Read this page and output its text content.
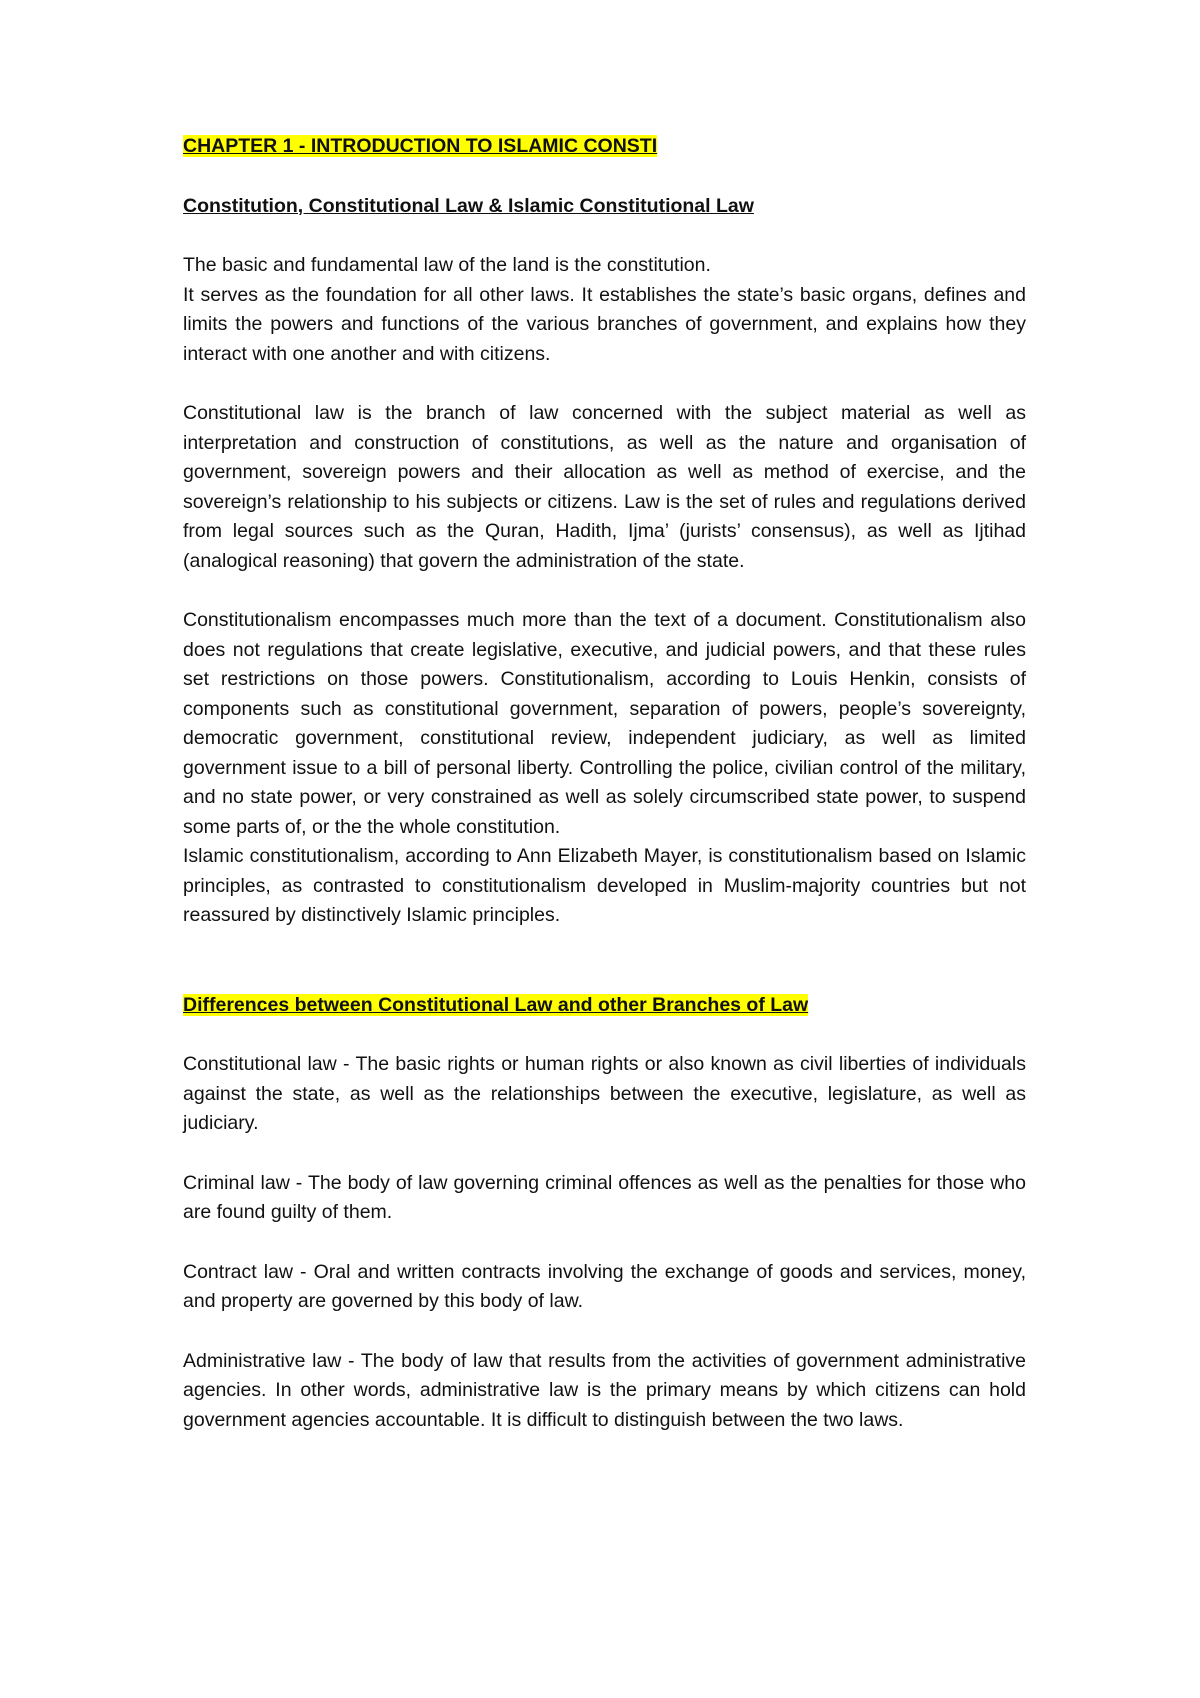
CHAPTER 1 - INTRODUCTION TO ISLAMIC CONSTI

Constitution, Constitutional Law & Islamic Constitutional Law

The basic and fundamental law of the land is the constitution.

It serves as the foundation for all other laws. It establishes the state’s basic organs, defines and limits the powers and functions of the various branches of government, and explains how they interact with one another and with citizens.

Constitutional law is the branch of law concerned with the subject material as well as interpretation and construction of constitutions, as well as the nature and organisation of government, sovereign powers and their allocation as well as method of exercise, and the sovereign’s relationship to his subjects or citizens. Law is the set of rules and regulations derived from legal sources such as the Quran, Hadith, Ijma’ (jurists’ consensus), as well as Ijtihad (analogical reasoning) that govern the administration of the state.

Constitutionalism encompasses much more than the text of a document. Constitutionalism also does not regulations that create legislative, executive, and judicial powers, and that these rules set restrictions on those powers. Constitutionalism, according to Louis Henkin, consists of components such as constitutional government, separation of powers, people’s sovereignty, democratic government, constitutional review, independent judiciary, as well as limited government issue to a bill of personal liberty. Controlling the police, civilian control of the military, and no state power, or very constrained as well as solely circumscribed state power, to suspend some parts of, or the the whole constitution.

Islamic constitutionalism, according to Ann Elizabeth Mayer, is constitutionalism based on Islamic principles, as contrasted to constitutionalism developed in Muslim-majority countries but not reassured by distinctively Islamic principles.

Differences between Constitutional Law and other Branches of Law

Constitutional law - The basic rights or human rights or also known as civil liberties of individuals against the state, as well as the relationships between the executive, legislature, as well as judiciary.

Criminal law - The body of law governing criminal offences as well as the penalties for those who are found guilty of them.

Contract law - Oral and written contracts involving the exchange of goods and services, money, and property are governed by this body of law.

Administrative law - The body of law that results from the activities of government administrative agencies. In other words, administrative law is the primary means by which citizens can hold government agencies accountable. It is difficult to distinguish between the two laws.
